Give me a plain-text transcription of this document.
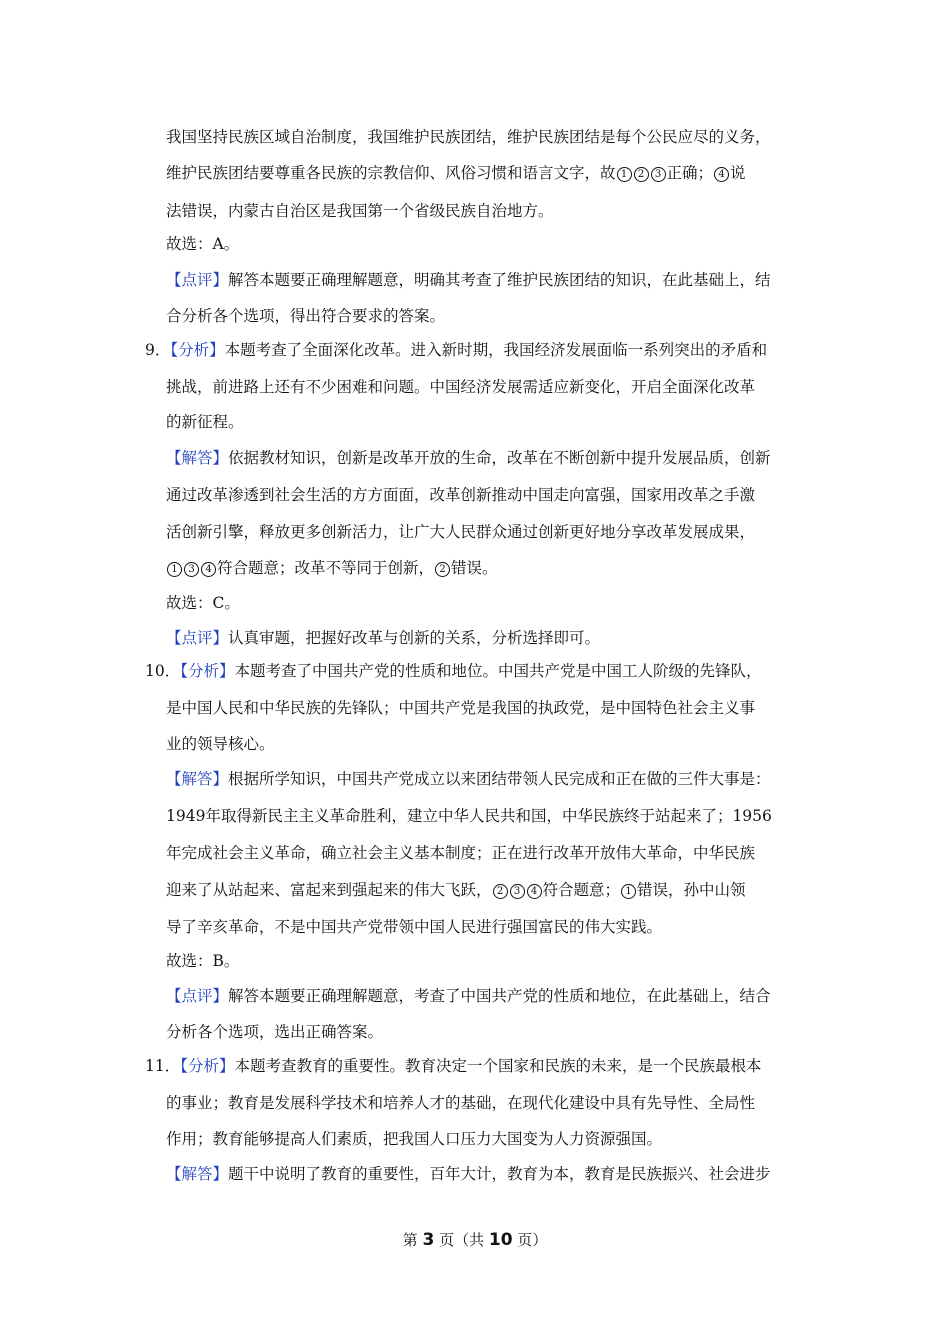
我国坚持民族区域自治制度，我国维护民族团结，维护民族团结是每个公民应尽的义务，
维护民族团结要尊重各民族的宗教信仰、风俗习惯和语言文字，故 1 2 3 正确； 4 说
法错误，内蒙古自治区是我国第一个省级民族自治地方。
故选：A。
【点评】解答本题要正确理解题意，明确其考查了维护民族团结的知识，在此基础上，结
合分析各个选项，得出符合要求的答案。
9．【分析】本题考查了全面深化改革。进入新时期，我国经济发展面临一系列突出的矛盾和
挑战，前进路上还有不少困难和问题。中国经济发展需适应新变化，开启全面深化改革
的新征程。
【解答】依据教材知识，创新是改革开放的生命，改革在不断创新中提升发展品质，创新
通过改革渗透到社会生活的方方面面，改革创新推动中国走向富强，国家用改革之手激
活创新引擎，释放更多创新活力，让广大人民群众通过创新更好地分享改革发展成果，
1 3 4 符合题意；改革不等同于创新， 2 错误。
故选：C。
【点评】认真审题，把握好改革与创新的关系，分析选择即可。
10．【分析】本题考查了中国共产党的性质和地位。中国共产党是中国工人阶级的先锋队，
是中国人民和中华民族的先锋队；中国共产党是我国的执政党，是中国特色社会主义事
业的领导核心。
【解答】根据所学知识，中国共产党成立以来团结带领人民完成和正在做的三件大事是：
1949年取得新民主主义革命胜利，建立中华人民共和国，中华民族终于站起来了；1956
年完成社会主义革命，确立社会主义基本制度；正在进行改革开放伟大革命，中华民族
迎来了从站起来、富起来到强起来的伟大飞跃， 2 3 4 符合题意； 1 错误，孙中山领
导了辛亥革命，不是中国共产党带领中国人民进行强国富民的伟大实践。
故选：B。
【点评】解答本题要正确理解题意，考查了中国共产党的性质和地位，在此基础上，结合
分析各个选项，选出正确答案。
11．【分析】本题考查教育的重要性。教育决定一个国家和民族的未来，是一个民族最根本
的事业；教育是发展科学技术和培养人才的基础，在现代化建设中具有先导性、全局性
作用；教育能够提高人们素质，把我国人口压力大国变为人力资源强国。
【解答】题干中说明了教育的重要性，百年大计，教育为本，教育是民族振兴、社会进步
第 3 页（共 10 页）
